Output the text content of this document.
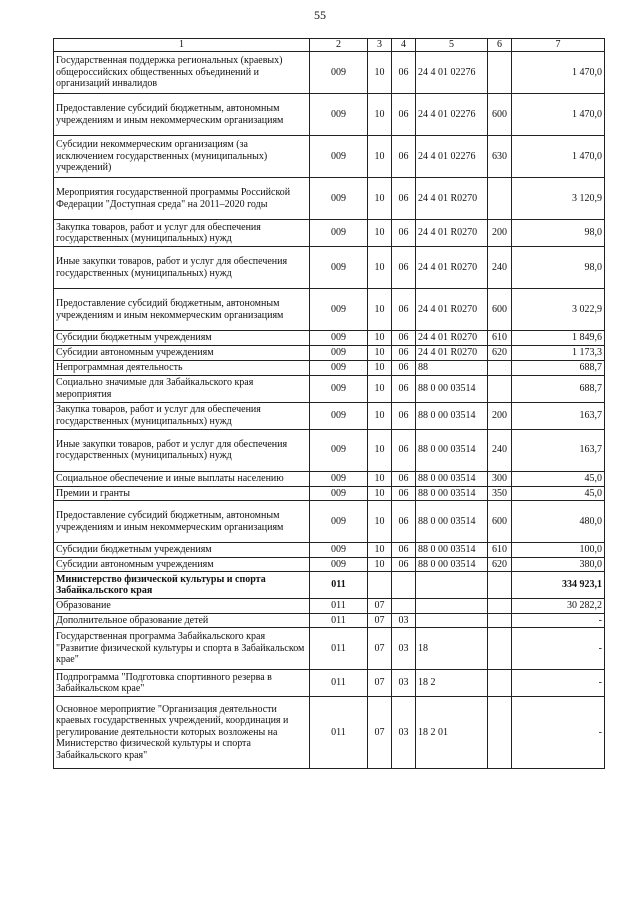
55
1	2	3	4	5	6	7
Государственная поддержка региональных (краевых) общероссийских общественных объединений и организаций инвалидов	009	10	06	24 4 01 02276		1 470,0
Предоставление субсидий бюджетным, автономным учреждениям и иным некоммерческим организациям	009	10	06	24 4 01 02276	600	1 470,0
Субсидии некоммерческим организациям (за исключением государственных (муниципальных) учреждений)	009	10	06	24 4 01 02276	630	1 470,0
Мероприятия государственной программы Российской Федерации "Доступная среда" на 2011–2020 годы	009	10	06	24 4 01 R0270		3 120,9
Закупка товаров, работ и услуг для обеспечения государственных (муниципальных) нужд	009	10	06	24 4 01 R0270	200	98,0
Иные закупки товаров, работ и услуг для обеспечения государственных (муниципальных) нужд	009	10	06	24 4 01 R0270	240	98,0
Предоставление субсидий бюджетным, автономным учреждениям и иным некоммерческим организациям	009	10	06	24 4 01 R0270	600	3 022,9
Субсидии бюджетным учреждениям	009	10	06	24 4 01 R0270	610	1 849,6
Субсидии автономным учреждениям	009	10	06	24 4 01 R0270	620	1 173,3
Непрограммная деятельность	009	10	06	88		688,7
Социально значимые для Забайкальского края мероприятия	009	10	06	88 0 00 03514		688,7
Закупка товаров, работ и услуг для обеспечения государственных (муниципальных) нужд	009	10	06	88 0 00 03514	200	163,7
Иные закупки товаров, работ и услуг для обеспечения государственных (муниципальных) нужд	009	10	06	88 0 00 03514	240	163,7
Социальное обеспечение и иные выплаты населению	009	10	06	88 0 00 03514	300	45,0
Премии и гранты	009	10	06	88 0 00 03514	350	45,0
Предоставление субсидий бюджетным, автономным учреждениям и иным некоммерческим организациям	009	10	06	88 0 00 03514	600	480,0
Субсидии бюджетным учреждениям	009	10	06	88 0 00 03514	610	100,0
Субсидии автономным учреждениям	009	10	06	88 0 00 03514	620	380,0
Министерство физической культуры и спорта Забайкальского края	011					334 923,1
Образование	011	07				30 282,2
Дополнительное образование детей	011	07	03			-
Государственная программа Забайкальского края "Развитие физической культуры и спорта в Забайкальском крае"	011	07	03	18		-
Подпрограмма "Подготовка спортивного резерва в Забайкальском крае"	011	07	03	18 2		-
Основное мероприятие "Организация деятельности краевых государственных учреждений, координация и регулирование деятельности которых возложены на Министерство физической культуры и спорта Забайкальского края"	011	07	03	18 2 01		-
